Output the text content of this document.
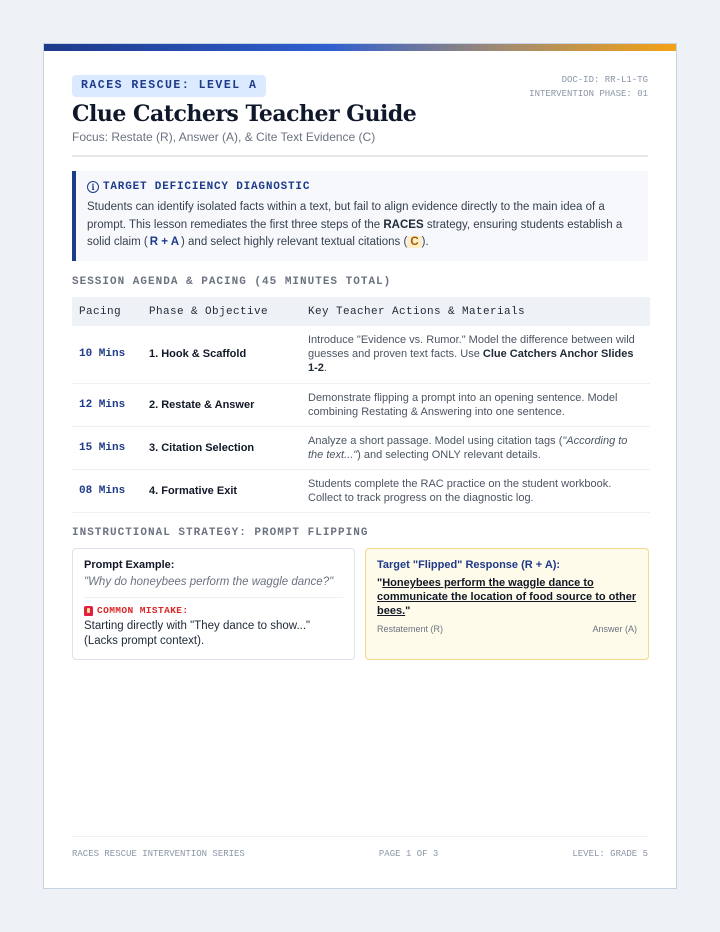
RACES RESCUE: LEVEL A	DOC-ID: RR-L1-TG
INTERVENTION PHASE: 01
Clue Catchers Teacher Guide
Focus: Restate (R), Answer (A), & Cite Text Evidence (C)
i TARGET DEFICIENCY DIAGNOSTIC

Students can identify isolated facts within a text, but fail to align evidence directly to the main idea of a prompt. This lesson remediates the first three steps of the RACES strategy, ensuring students establish a solid claim ( R + A ) and select highly relevant textual citations ( C ).

SESSION AGENDA & PACING (45 MINUTES TOTAL)
Pacing	Phase & Objective	Key Teacher Actions & Materials
10 Mins	1. Hook & Scaffold	Introduce "Evidence vs. Rumor." Model the difference between wild guesses and proven text facts. Use Clue Catchers Anchor Slides 1-2.
12 Mins	2. Restate & Answer	Demonstrate flipping a prompt into an opening sentence. Model combining Restating & Answering into one sentence.
15 Mins	3. Citation Selection	Analyze a short passage. Model using citation tags ("According to the text...") and selecting ONLY relevant details.
08 Mins	4. Formative Exit	Students complete the RAC practice on the student workbook. Collect to track progress on the diagnostic log.
INSTRUCTIONAL STRATEGY: PROMPT FLIPPING
Prompt Example:
"Why do honeybees perform the waggle dance?"
COMMON MISTAKE:
Starting directly with "They dance to show..." (Lacks prompt context).
Target "Flipped" Response (R + A):
"Honeybees perform the waggle dance to communicate the location of food source to other bees."
Restatement (R)	Answer (A)
RACES RESCUE INTERVENTION SERIES	PAGE 1 OF 3	LEVEL: GRADE 5
